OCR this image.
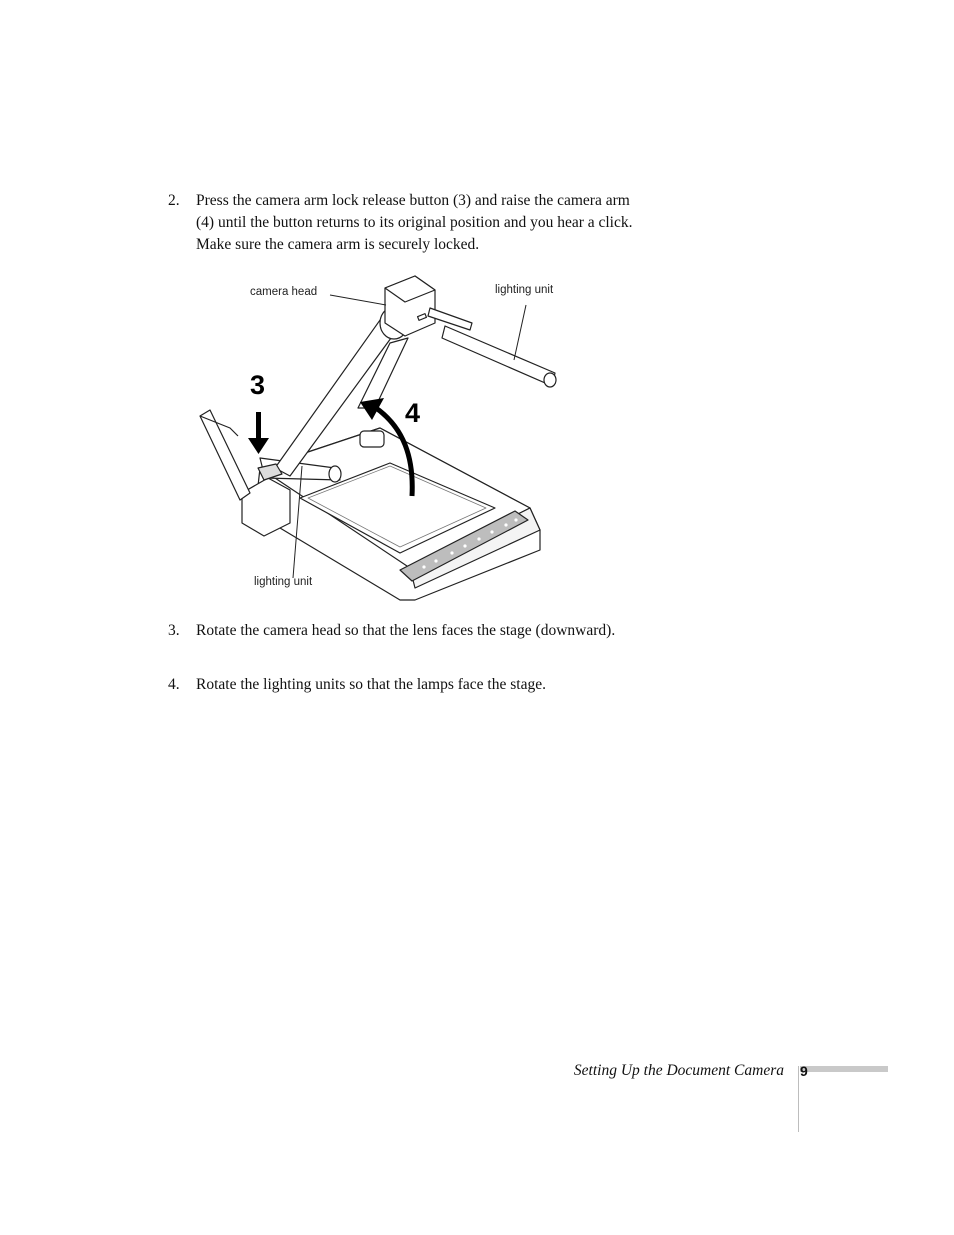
2. Press the camera arm lock release button (3) and raise the camera arm (4) until the button returns to its original position and you hear a click. Make sure the camera arm is securely locked.
camera head	lighting unit
lighting unit
3
4
3. Rotate the camera head so that the lens faces the stage (downward).
4. Rotate the lighting units so that the lamps face the stage.
Setting Up the Document Camera 9
